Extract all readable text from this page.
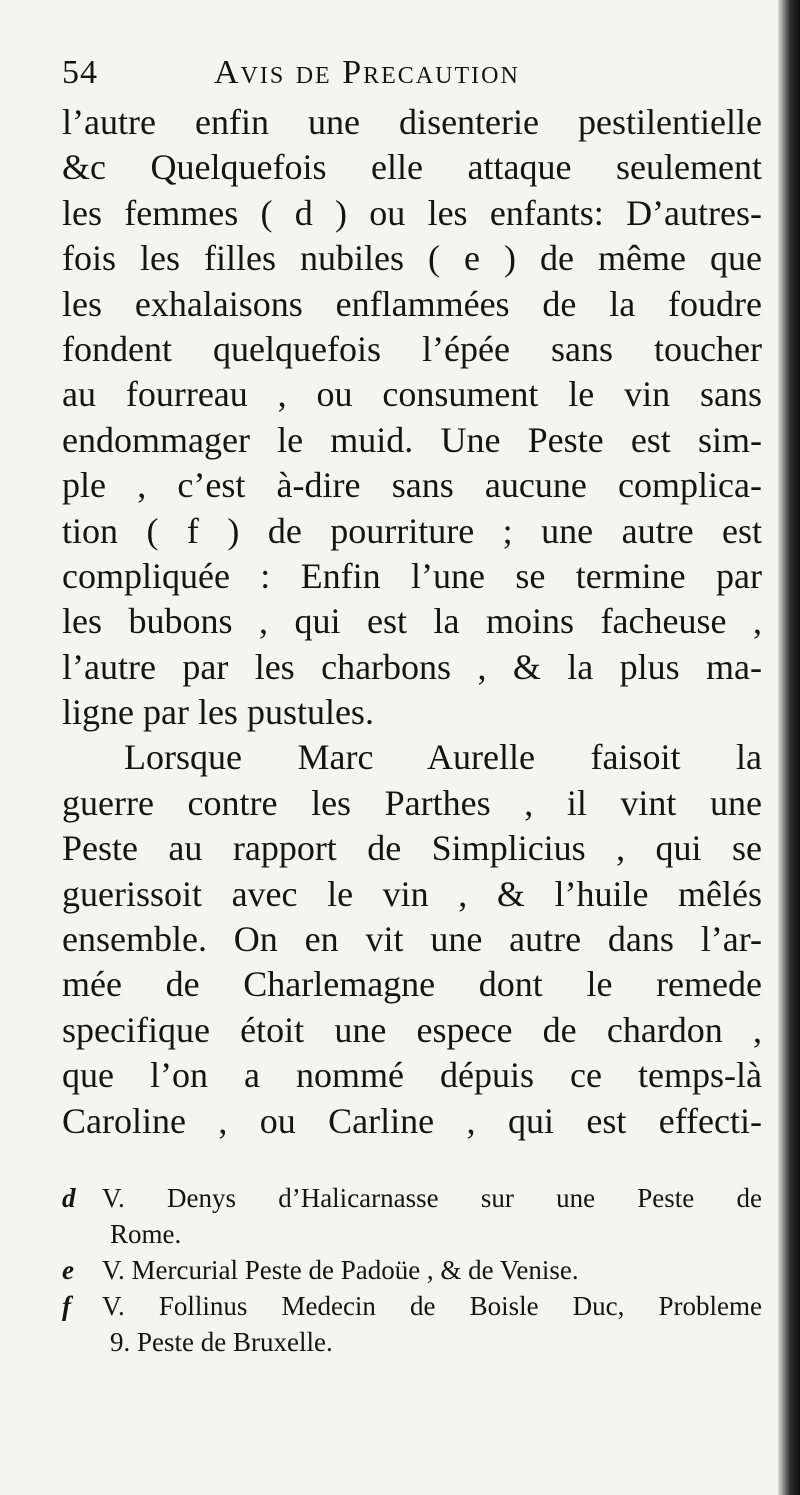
54	Avis de Precaution
l’autre enfin une disenterie pestilentielle
&c Quelquefois elle attaque seulement
les femmes ( d ) ou les enfants: D’autres-
fois les filles nubiles ( e ) de même que
les exhalaisons enflammées de la foudre
fondent quelquefois l’épée sans toucher
au fourreau , ou consument le vin sans
endommager le muid. Une Peste est sim-
ple , c’est à-dire sans aucune complica-
tion ( f ) de pourriture ; une autre est
compliquée : Enfin l’une se termine par
les bubons , qui est la moins facheuse ,
l’autre par les charbons , & la plus ma-
ligne par les pustules.
Lorsque Marc Aurelle faisoit la
guerre contre les Parthes , il vint une
Peste au rapport de Simplicius , qui se
guerissoit avec le vin , & l’huile mêlés
ensemble. On en vit une autre dans l’ar-
mée de Charlemagne dont le remede
specifique étoit une espece de chardon ,
que l’on a nommé dépuis ce temps-là
Caroline , ou Carline , qui est effecti-
d V. Denys d’Halicarnasse sur une Peste de
Rome.
e V. Mercurial Peste de Padoüe , & de Venise.
f V. Follinus Medecin de Boisle Duc, Probleme
9. Peste de Bruxelle.
